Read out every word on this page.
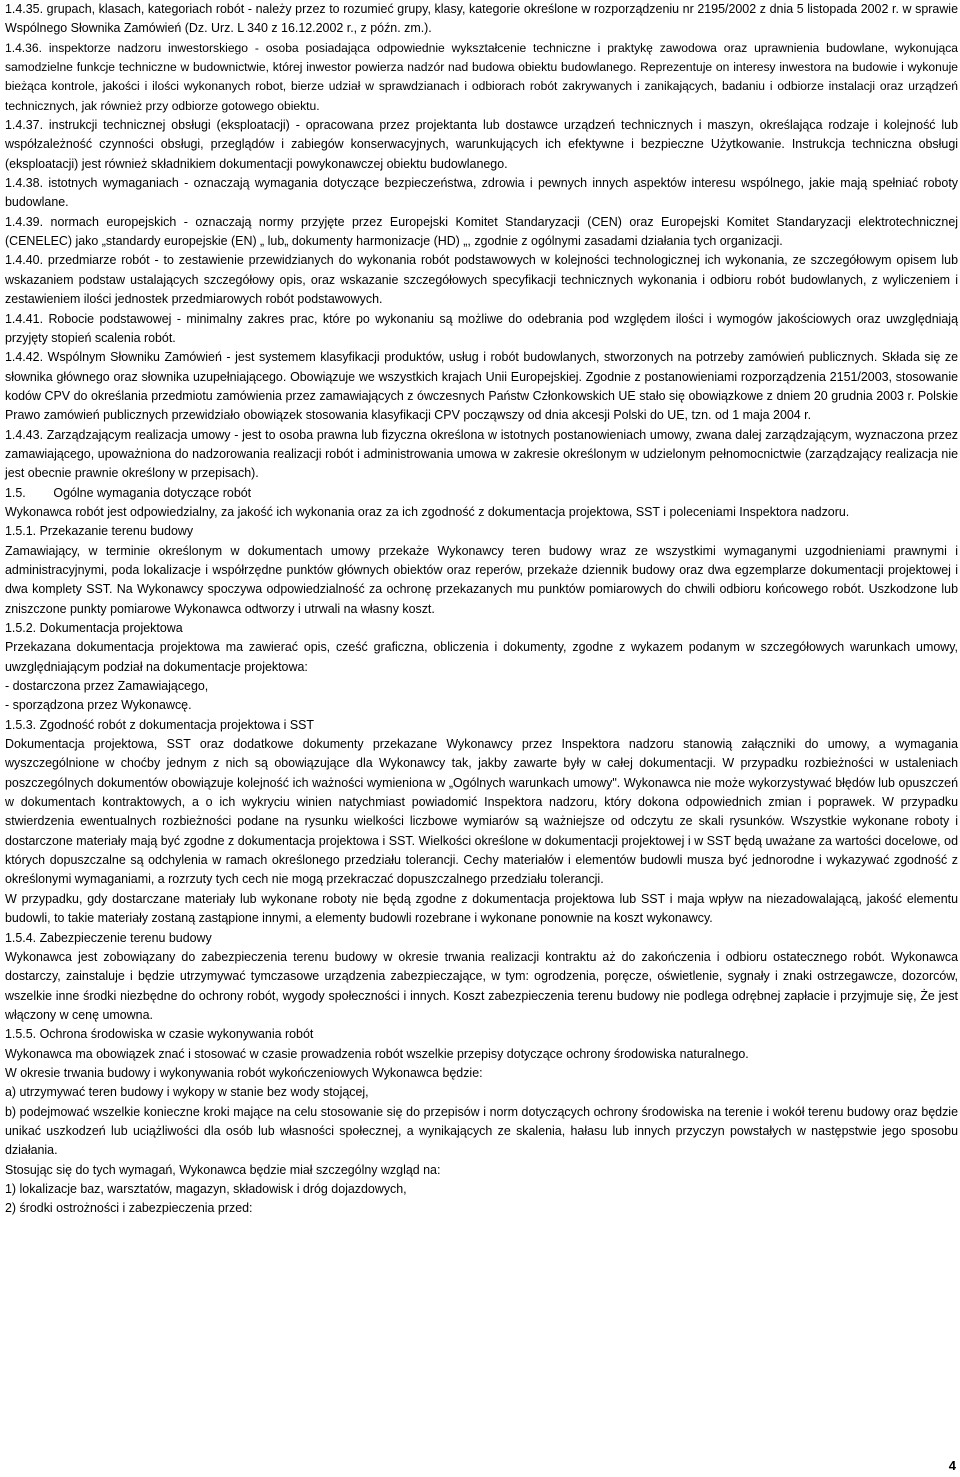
1.4.35. grupach, klasach, kategoriach robót - należy przez to rozumieć grupy, klasy, kategorie określone w rozporządzeniu nr 2195/2002 z dnia 5 listopada 2002 r. w sprawie Wspólnego Słownika Zamówień (Dz. Urz. L 340 z 16.12.2002 r., z późn. zm.).

1.4.36. inspektorze nadzoru inwestorskiego - osoba posiadająca odpowiednie wykształcenie techniczne i praktykę zawodowa oraz uprawnienia budowlane, wykonująca samodzielne funkcje techniczne w budownictwie, której inwestor powierza nadzór nad budowa obiektu budowlanego. Reprezentuje on interesy inwestora na budowie i wykonuje bieżąca kontrole, jakości i ilości wykonanych robot, bierze udział w sprawdzianach i odbiorach robót zakrywanych i zanikających, badaniu i odbiorze instalacji oraz urządzeń technicznych, jak również przy odbiorze gotowego obiektu.

1.4.37. instrukcji technicznej obsługi (eksploatacji) - opracowana przez projektanta lub dostawce urządzeń technicznych i maszyn, określająca rodzaje i kolejność lub współzależność czynności obsługi, przeglądów i zabiegów konserwacyjnych, warunkujących ich efektywne i bezpieczne Użytkowanie. Instrukcja techniczna obsługi (eksploatacji) jest również składnikiem dokumentacji powykonawczej obiektu budowlanego.

1.4.38. istotnych wymaganiach - oznaczają wymagania dotyczące bezpieczeństwa, zdrowia i pewnych innych aspektów interesu wspólnego, jakie mają spełniać roboty budowlane.

1.4.39. normach europejskich - oznaczają normy przyjęte przez Europejski Komitet Standaryzacji (CEN) oraz Europejski Komitet Standaryzacji elektrotechnicznej (CENELEC) jako „standardy europejskie (EN) „ lub„ dokumenty harmonizacje (HD) „, zgodnie z ogólnymi zasadami działania tych organizacji.

1.4.40. przedmiarze robót - to zestawienie przewidzianych do wykonania robót podstawowych w kolejności technologicznej ich wykonania, ze szczegółowym opisem lub wskazaniem podstaw ustalających szczegółowy opis, oraz wskazanie szczegółowych specyfikacji technicznych wykonania i odbioru robót budowlanych, z wyliczeniem i zestawieniem ilości jednostek przedmiarowych robót podstawowych.

1.4.41. Robocie podstawowej - minimalny zakres prac, które po wykonaniu są możliwe do odebrania pod względem ilości i wymogów jakościowych oraz uwzględniają przyjęty stopień scalenia robót.

1.4.42. Wspólnym Słowniku Zamówień - jest systemem klasyfikacji produktów, usług i robót budowlanych, stworzonych na potrzeby zamówień publicznych. Składa się ze słownika głównego oraz słownika uzupełniającego. Obowiązuje we wszystkich krajach Unii Europejskiej. Zgodnie z postanowieniami rozporządzenia 2151/2003, stosowanie kodów CPV do określania przedmiotu zamówienia przez zamawiających z ówczesnych Państw Członkowskich UE stało się obowiązkowe z dniem 20 grudnia 2003 r. Polskie Prawo zamówień publicznych przewidziało obowiązek stosowania klasyfikacji CPV począwszy od dnia akcesji Polski do UE, tzn. od 1 maja 2004 r.

1.4.43. Zarządzającym realizacja umowy - jest to osoba prawna lub fizyczna określona w istotnych postanowieniach umowy, zwana dalej zarządzającym, wyznaczona przez zamawiającego, upoważniona do nadzorowania realizacji robót i administrowania umowa w zakresie określonym w udzielonym pełnomocnictwie (zarządzający realizacja nie jest obecnie prawnie określony w przepisach).

1.5.        Ogólne wymagania dotyczące robót

Wykonawca robót jest odpowiedzialny, za jakość ich wykonania oraz za ich zgodność z dokumentacja projektowa, SST i poleceniami Inspektora nadzoru.

1.5.1. Przekazanie terenu budowy

Zamawiający, w terminie określonym w dokumentach umowy przekaże Wykonawcy teren budowy wraz ze wszystkimi wymaganymi uzgodnieniami prawnymi i administracyjnymi, poda lokalizacje i współrzędne punktów głównych obiektów oraz reperów, przekaże dziennik budowy oraz dwa egzemplarze dokumentacji projektowej i dwa komplety SST. Na Wykonawcy spoczywa odpowiedzialność za ochronę przekazanych mu punktów pomiarowych do chwili odbioru końcowego robót. Uszkodzone lub zniszczone punkty pomiarowe Wykonawca odtworzy i utrwali na własny koszt.

1.5.2. Dokumentacja projektowa

Przekazana dokumentacja projektowa ma zawierać opis, cześć graficzna, obliczenia i dokumenty, zgodne z wykazem podanym w szczegółowych warunkach umowy, uwzględniającym podział na dokumentacje projektowa:

- dostarczona przez Zamawiającego,

- sporządzona przez Wykonawcę.

1.5.3. Zgodność robót z dokumentacja projektowa i SST

Dokumentacja projektowa, SST oraz dodatkowe dokumenty przekazane Wykonawcy przez Inspektora nadzoru stanowią załączniki do umowy, a wymagania wyszczególnione w choćby jednym z nich są obowiązujące dla Wykonawcy tak, jakby zawarte były w całej dokumentacji. W przypadku rozbieżności w ustaleniach poszczególnych dokumentów obowiązuje kolejność ich ważności wymieniona w „Ogólnych warunkach umowy". Wykonawca nie może wykorzystywać błędów lub opuszczeń w dokumentach kontraktowych, a o ich wykryciu winien natychmiast powiadomić Inspektora nadzoru, który dokona odpowiednich zmian i poprawek. W przypadku stwierdzenia ewentualnych rozbieżności podane na rysunku wielkości liczbowe wymiarów są ważniejsze od odczytu ze skali rysunków. Wszystkie wykonane roboty i dostarczone materiały mają być zgodne z dokumentacja projektowa i SST. Wielkości określone w dokumentacji projektowej i w SST będą uważane za wartości docelowe, od których dopuszczalne są odchylenia w ramach określonego przedziału tolerancji. Cechy materiałów i elementów budowli musza być jednorodne i wykazywać zgodność z określonymi wymaganiami, a rozrzuty tych cech nie mogą przekraczać dopuszczalnego przedziału tolerancji.

W przypadku, gdy dostarczane materiały lub wykonane roboty nie będą zgodne z dokumentacja projektowa lub SST i maja wpływ na niezadowalającą, jakość elementu budowli, to takie materiały zostaną zastąpione innymi, a elementy budowli rozebrane i wykonane ponownie na koszt wykonawcy.

1.5.4. Zabezpieczenie terenu budowy

Wykonawca jest zobowiązany do zabezpieczenia terenu budowy w okresie trwania realizacji kontraktu aż do zakończenia i odbioru ostatecznego robót. Wykonawca dostarczy, zainstaluje i będzie utrzymywać tymczasowe urządzenia zabezpieczające, w tym: ogrodzenia, poręcze, oświetlenie, sygnały i znaki ostrzegawcze, dozorców, wszelkie inne środki niezbędne do ochrony robót, wygody społeczności i innych. Koszt zabezpieczenia terenu budowy nie podlega odrębnej zapłacie i przyjmuje się, Że jest włączony w cenę umowna.

1.5.5. Ochrona środowiska w czasie wykonywania robót

Wykonawca ma obowiązek znać i stosować w czasie prowadzenia robót wszelkie przepisy dotyczące ochrony środowiska naturalnego.

W okresie trwania budowy i wykonywania robót wykończeniowych Wykonawca będzie:

a) utrzymywać teren budowy i wykopy w stanie bez wody stojącej,

b) podejmować wszelkie konieczne kroki mające na celu stosowanie się do przepisów i norm dotyczących ochrony środowiska na terenie i wokół terenu budowy oraz będzie unikać uszkodzeń lub uciążliwości dla osób lub własności społecznej, a wynikających ze skalenia, hałasu lub innych przyczyn powstałych w następstwie jego sposobu działania.

Stosując się do tych wymagań, Wykonawca będzie miał szczególny wzgląd na:

1) lokalizacje baz, warsztatów, magazyn, składowisk i dróg dojazdowych,

2) środki ostrożności i zabezpieczenia przed:

4
